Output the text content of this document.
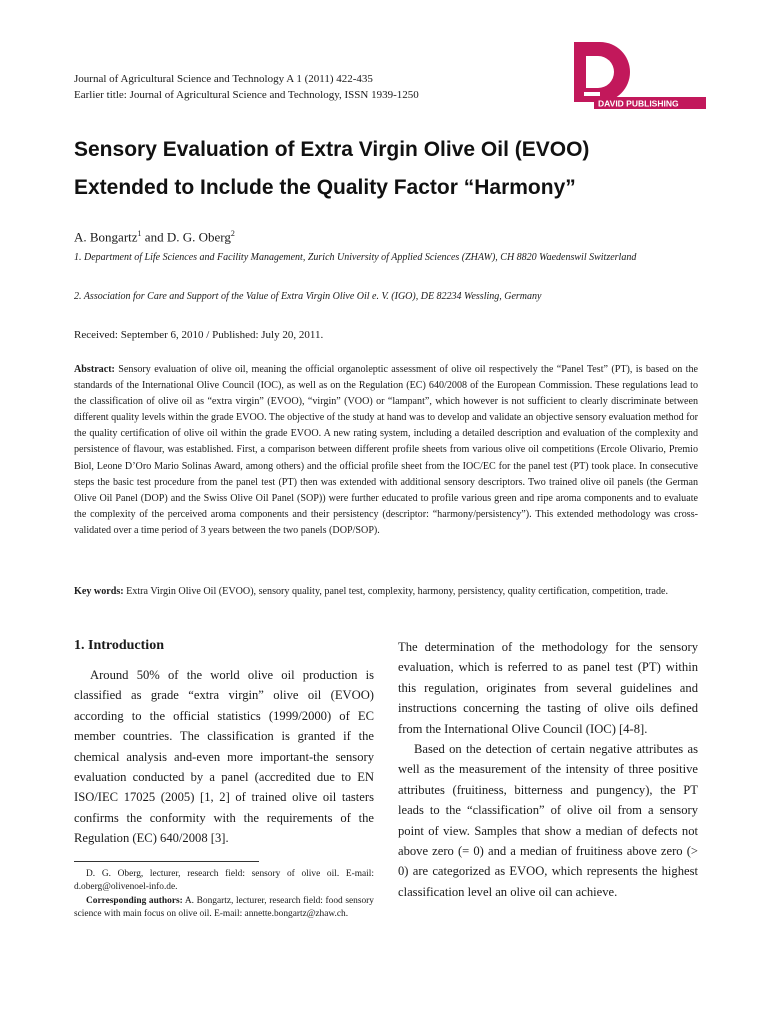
Journal of Agricultural Science and Technology A 1 (2011) 422-435
Earlier title: Journal of Agricultural Science and Technology, ISSN 1939-1250
DAVID PUBLISHING
Sensory Evaluation of Extra Virgin Olive Oil (EVOO)
Extended to Include the Quality Factor “Harmony”
A. Bongartz$^1$ and D. G. Oberg$^2$
1. Department of Life Sciences and Facility Management, Zurich University of Applied Sciences (ZHAW), CH 8820 Waedenswil Switzerland
2. Association for Care and Support of the Value of Extra Virgin Olive Oil e. V. (IGO), DE 82234 Wessling, Germany
Received: September 6, 2010 / Published: July 20, 2011.
Abstract: Sensory evaluation of olive oil, meaning the official organoleptic assessment of olive oil respectively the “Panel Test” (PT), is based on the standards of the International Olive Council (IOC), as well as on the Regulation (EC) 640/2008 of the European Commission. These regulations lead to the classification of olive oil as “extra virgin” (EVOO), “virgin” (VOO) or “lampant”, which however is not sufficient to clearly discriminate between different quality levels within the grade EVOO. The objective of the study at hand was to develop and validate an objective sensory evaluation method for the quality certification of olive oil within the grade EVOO. A new rating system, including a detailed description and evaluation of the complexity and persistence of flavour, was established. First, a comparison between different profile sheets from various olive oil competitions (Ercole Olivario, Premio Biol, Leone D’Oro Mario Solinas Award, among others) and the official profile sheet from the IOC/EC for the panel test (PT) took place. In consecutive steps the basic test procedure from the panel test (PT) then was extended with additional sensory descriptors. Two trained olive oil panels (the German Olive Oil Panel (DOP) and the Swiss Olive Oil Panel (SOP)) were further educated to profile various green and ripe aroma components and to evaluate the complexity of the perceived aroma components and their persistency (descriptor: “harmony/persistency”). This extended methodology was cross-validated over a time period of 3 years between the two panels (DOP/SOP).
Key words: Extra Virgin Olive Oil (EVOO), sensory quality, panel test, complexity, harmony, persistency, quality certification, competition, trade.
1. Introduction

Around 50% of the world olive oil production is classified as grade “extra virgin” olive oil (EVOO) according to the official statistics (1999/2000) of EC member countries. The classification is granted if the chemical analysis and-even more important-the sensory evaluation conducted by a panel (accredited due to EN ISO/IEC 17025 (2005) [1, 2] of trained olive oil tasters confirms the conformity with the requirements of the Regulation (EC) 640/2008 [3].

D. G. Oberg, lecturer, research field: sensory of olive oil. E-mail: d.oberg@olivenoel-info.de.
Corresponding authors: A. Bongartz, lecturer, research field: food sensory science with main focus on olive oil. E-mail: annette.bongartz@zhaw.ch.

The determination of the methodology for the sensory evaluation, which is referred to as panel test (PT) within this regulation, originates from several guidelines and instructions concerning the tasting of olive oils defined from the International Olive Council (IOC) [4-8].

Based on the detection of certain negative attributes as well as the measurement of the intensity of three positive attributes (fruitiness, bitterness and pungency), the PT leads to the “classification” of olive oil from a sensory point of view. Samples that show a median of defects not above zero (= 0) and a median of fruitiness above zero (> 0) are categorized as EVOO, which represents the highest classification level an olive oil can achieve.
